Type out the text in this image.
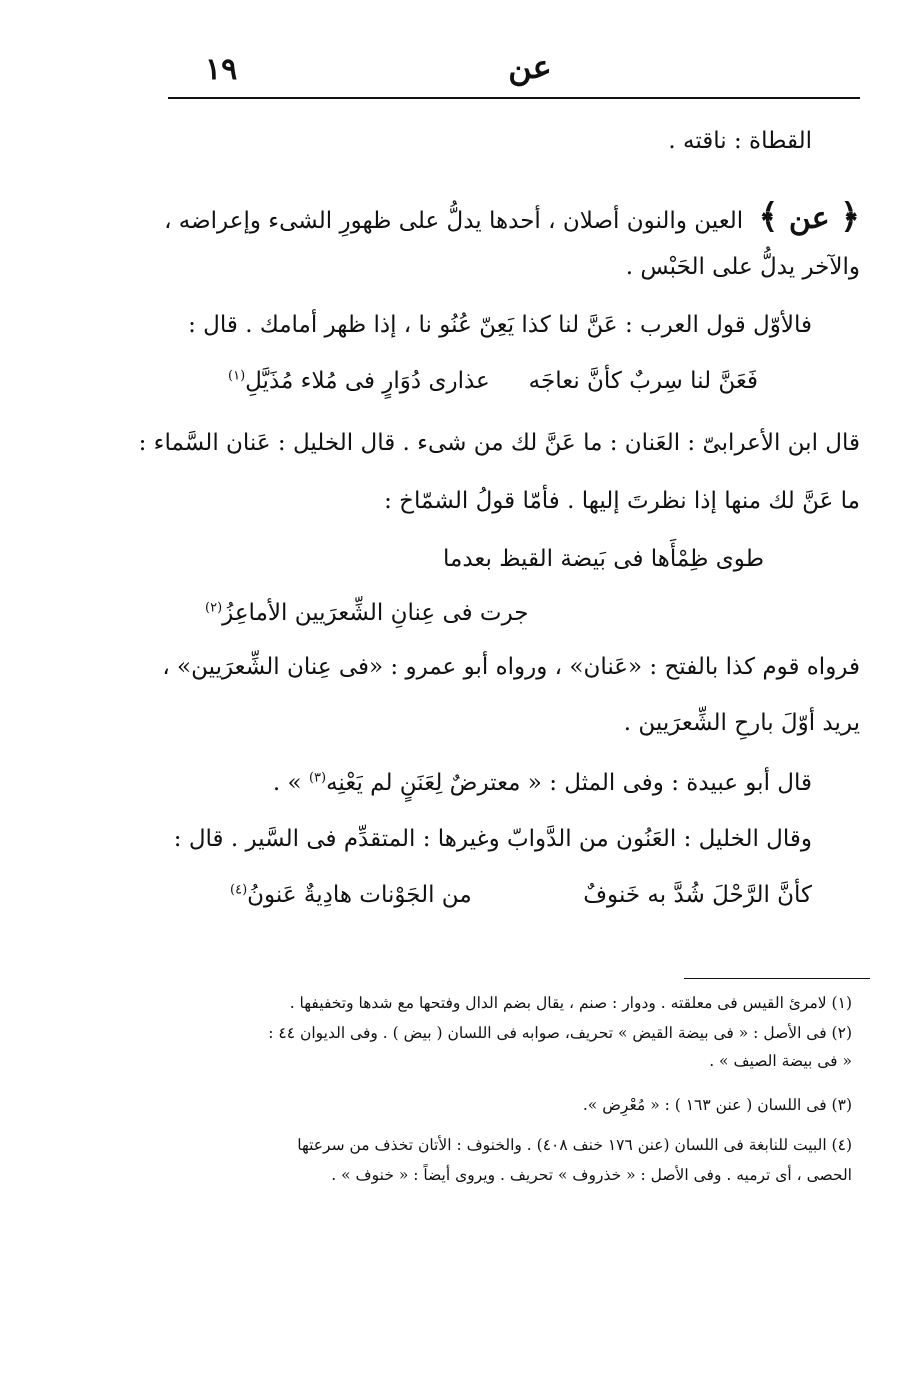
١٩	عن
القطاة : ناقته .
﴿ عن ﴾ العين والنون أصلان ، أحدها يدلُّ على ظهورِ الشىء وإعراضه ،
والآخر يدلُّ على الحَبْس .
فالأوّل قول العرب : عَنَّ لنا كذا يَعِنّ عُنُو نا ، إذا ظهر أمامك . قال :
فَعَنَّ لنا سِربٌ كأنَّ نعاجَه
عذارى دُوَارٍ فى مُلاء مُذَيَّلِ$^{(١)}$
قال ابن الأعرابىّ : العَنان : ما عَنَّ لك من شىء . قال الخليل : عَنان السَّماء :
ما عَنَّ لك منها إذا نظرتَ إليها . فأمّا قولُ الشمّاخ :
طوى ظِمْأَها فى بَيضة القيظ بعدما
جرت فى عِنانِ الشِّعرَيين الأماعِزُ$^{(٢)}$
فرواه قوم كذا بالفتح : «عَنان» ، ورواه أبو عمرو : «فى عِنان الشِّعرَيين» ،
يريد أوّلَ بارحِ الشِّعرَيين .
قال أبو عبيدة : وفى المثل : « معترضٌ لِعَنَنٍ لم يَعْنِه$^{(٣)}$ » .
وقال الخليل : العَنُون من الدَّوابّ وغيرها : المتقدِّم فى السَّير . قال :
كأنَّ الرَّحْلَ شُدَّ به خَنوفٌ
من الجَوْنات هادِيةٌ عَنونُ$^{(٤)}$
(١) لامرئ القيس فى معلقته . ودوار : صنم ، يقال بضم الدال وفتحها مع شدها وتخفيفها .
(٢) فى الأصل : « فى بيضة القيض » تحريف، صوابه فى اللسان ( بيض ) . وفى الديوان ٤٤ :
« فى بيضة الصيف » .
(٣) فى اللسان ( عنن ١٦٣ ) : « مُعْرِض ».
(٤) البيت للنابغة فى اللسان (عنن ١٧٦ خنف ٤٠٨) . والخنوف : الأتان تخذف من سرعتها
الحصى ، أى ترميه . وفى الأصل : « خذروف » تحريف . ويروى أيضاً : « خنوف » .
